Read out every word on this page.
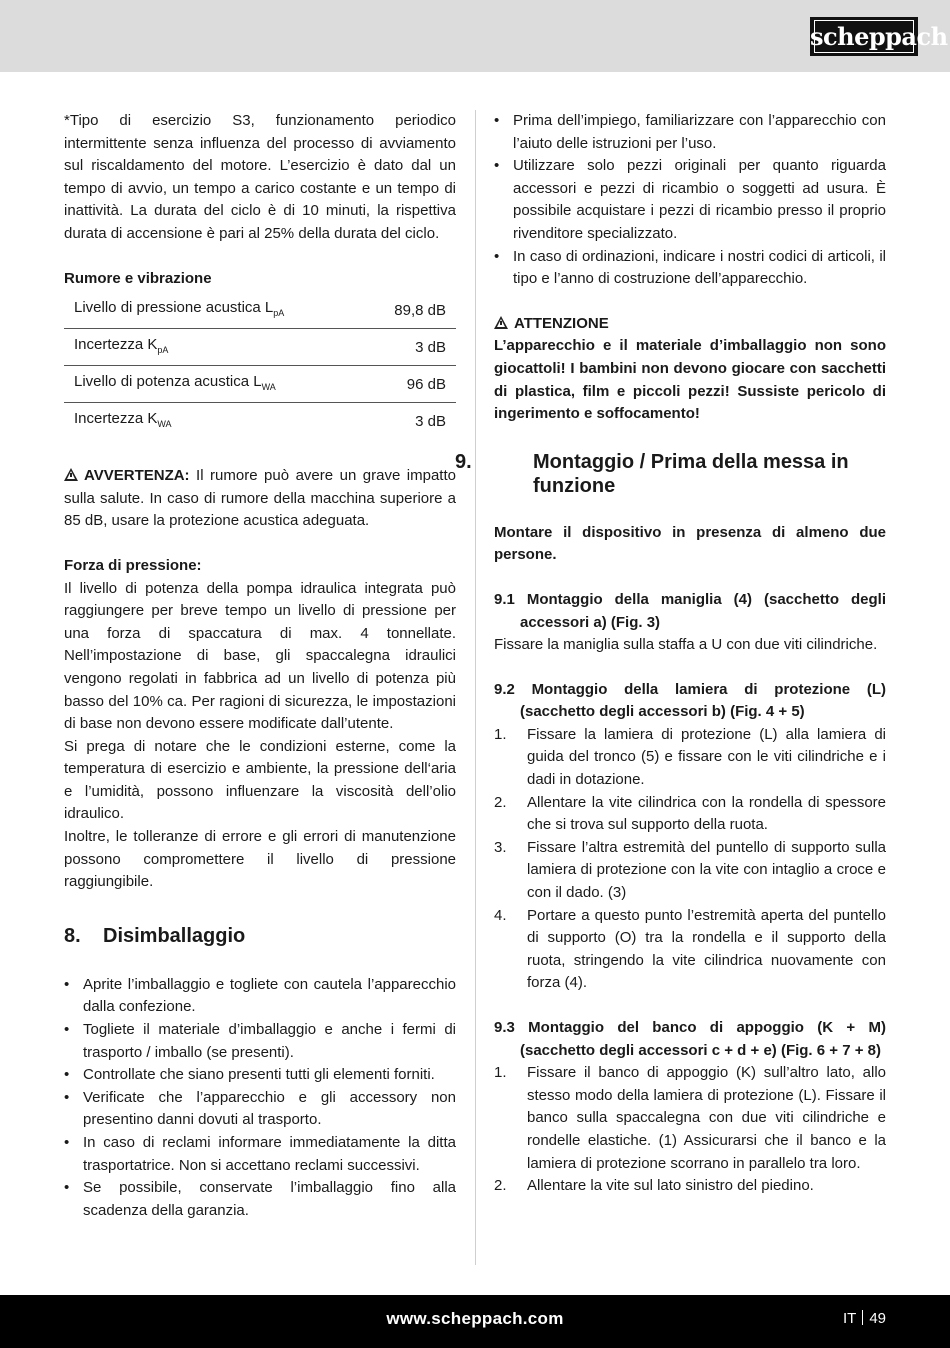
scheppach

*Tipo di esercizio S3, funzionamento periodico intermittente senza influenza del processo di avviamento sul riscaldamento del motore. L’esercizio è dato dal un tempo di avvio, un tempo a carico costante e un tempo di inattività. La durata del ciclo è di 10 minuti, la rispettiva durata di accensione è pari al 25% della durata del ciclo.

Rumore e vibrazione

Livello di pressione acustica $L_{pA}$	89,8 dB
Incertezza $K_{pA}$	3 dB
Livello di potenza acustica $L_{WA}$	96 dB
Incertezza $K_{WA}$	3 dB

AVVERTENZA: Il rumore può avere un grave impatto sulla salute. In caso di rumore della macchina superiore a 85 dB, usare la protezione acustica adeguata.

Forza di pressione:

Il livello di potenza della pompa idraulica integrata può raggiungere per breve tempo un livello di pressione per una forza di spaccatura di max. 4 tonnellate. Nell’impostazione di base, gli spaccalegna idraulici vengono regolati in fabbrica ad un livello di potenza più basso del 10% ca. Per ragioni di sicurezza, le impostazioni di base non devono essere modificate dall’utente.

Si prega di notare che le condizioni esterne, come la temperatura di esercizio e ambiente, la pressione dell‘aria e l’umidità, possono influenzare la viscosità dell’olio idraulico.

Inoltre, le tolleranze di errore e gli errori di manutenzione possono compromettere il livello di pressione raggiungibile.

8. Disimballaggio
• Aprite l’imballaggio e togliete con cautela l’apparecchio dalla confezione.
• Togliete il materiale d’imballaggio e anche i fermi di trasporto / imballo (se presenti).
• Controllate che siano presenti tutti gli elementi forniti.
• Verificate che l’apparecchio e gli accessory non presentino danni dovuti al trasporto.
• In caso di reclami informare immediatamente la ditta trasportatrice. Non si accettano reclami successivi.
• Se possibile, conservate l’imballaggio fino alla scadenza della garanzia.
• Prima dell’impiego, familiarizzare con l’apparecchio con l’aiuto delle istruzioni per l’uso.
• Utilizzare solo pezzi originali per quanto riguarda accessori e pezzi di ricambio o soggetti ad usura. È possibile acquistare i pezzi di ricambio presso il proprio rivenditore specializzato.
• In caso di ordinazioni, indicare i nostri codici di articoli, il tipo e l’anno di costruzione dell’apparecchio.

ATTENZIONE

L’apparecchio e il materiale d’imballaggio non sono giocattoli! I bambini non devono giocare con sacchetti di plastica, film e piccoli pezzi! Sussiste pericolo di ingerimento e soffocamento!

9.	Montaggio / Prima della messa in funzione

Montare il dispositivo in presenza di almeno due persone.

9.1 Montaggio della maniglia (4) (sacchetto degli accessori a) (Fig. 3)

Fissare la maniglia sulla staffa a U con due viti cilindriche.

9.2 Montaggio della lamiera di protezione (L) (sacchetto degli accessori b) (Fig. 4 + 5)

1. Fissare la lamiera di protezione (L) alla lamiera di guida del tronco (5) e fissare con le viti cilindriche e i dadi in dotazione.
2. Allentare la vite cilindrica con la rondella di spessore che si trova sul supporto della ruota.
3. Fissare l’altra estremità del puntello di supporto sulla lamiera di protezione con la vite con intaglio a croce e con il dado. (3)
4. Portare a questo punto l’estremità aperta del puntello di supporto (O) tra la rondella e il supporto della ruota, stringendo la vite cilindrica nuovamente con forza (4).

9.3 Montaggio del banco di appoggio (K + M) (sacchetto degli accessori c + d + e) (Fig. 6 + 7 + 8)

1. Fissare il banco di appoggio (K) sull’altro lato, allo stesso modo della lamiera di protezione (L). Fissare il banco sulla spaccalegna con due viti cilindriche e rondelle elastiche. (1) Assicurarsi che il banco e la lamiera di protezione scorrano in parallelo tra loro.
2. Allentare la vite sul lato sinistro del piedino.
www.scheppach.com	IT 49
